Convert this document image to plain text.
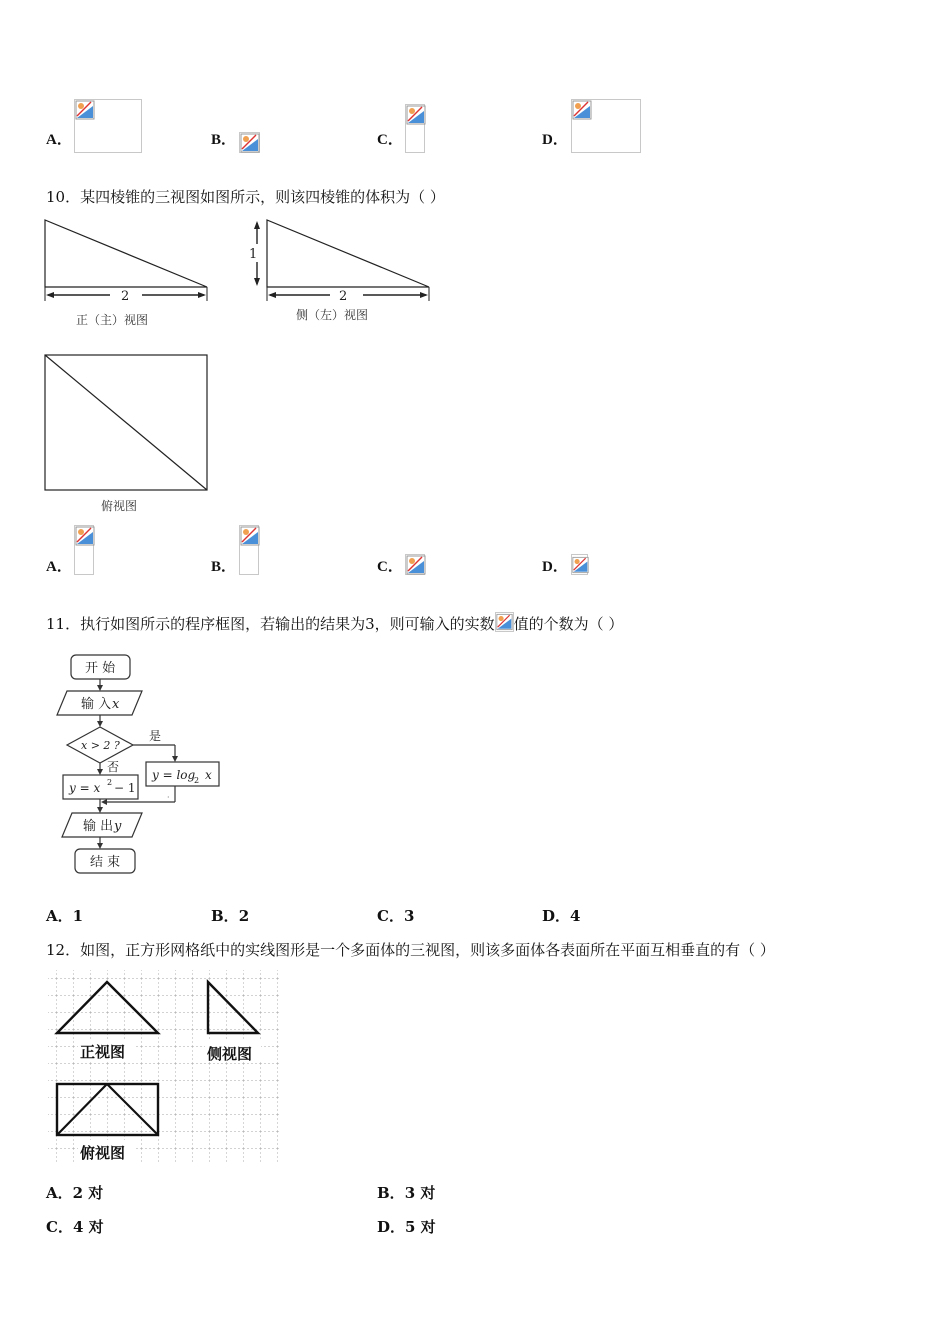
A．	B．	C．	D．
10．某四棱锥的三视图如图所示，则该四棱锥的体积为（ ）
2
正（主）视图
1
2
侧（左）视图
俯视图
A．	B．	C．	D．
11．执行如图所示的程序框图，若输出的结果为3，则可输入的实数 值的个数为（ ）
开 始
输 入 x
x > 2 ?
是
y = log
2 x
·
否
y = x 2 − 1
输 出 y
结 束
A．1	B．2	C．3	D．4
12．如图，正方形网格纸中的实线图形是一个多面体的三视图，则该多面体各表面所在平面互相垂直的有（ ）
正视图	侧视图
俯视图
A．2 对	B．3 对
C．4 对	D．5 对
